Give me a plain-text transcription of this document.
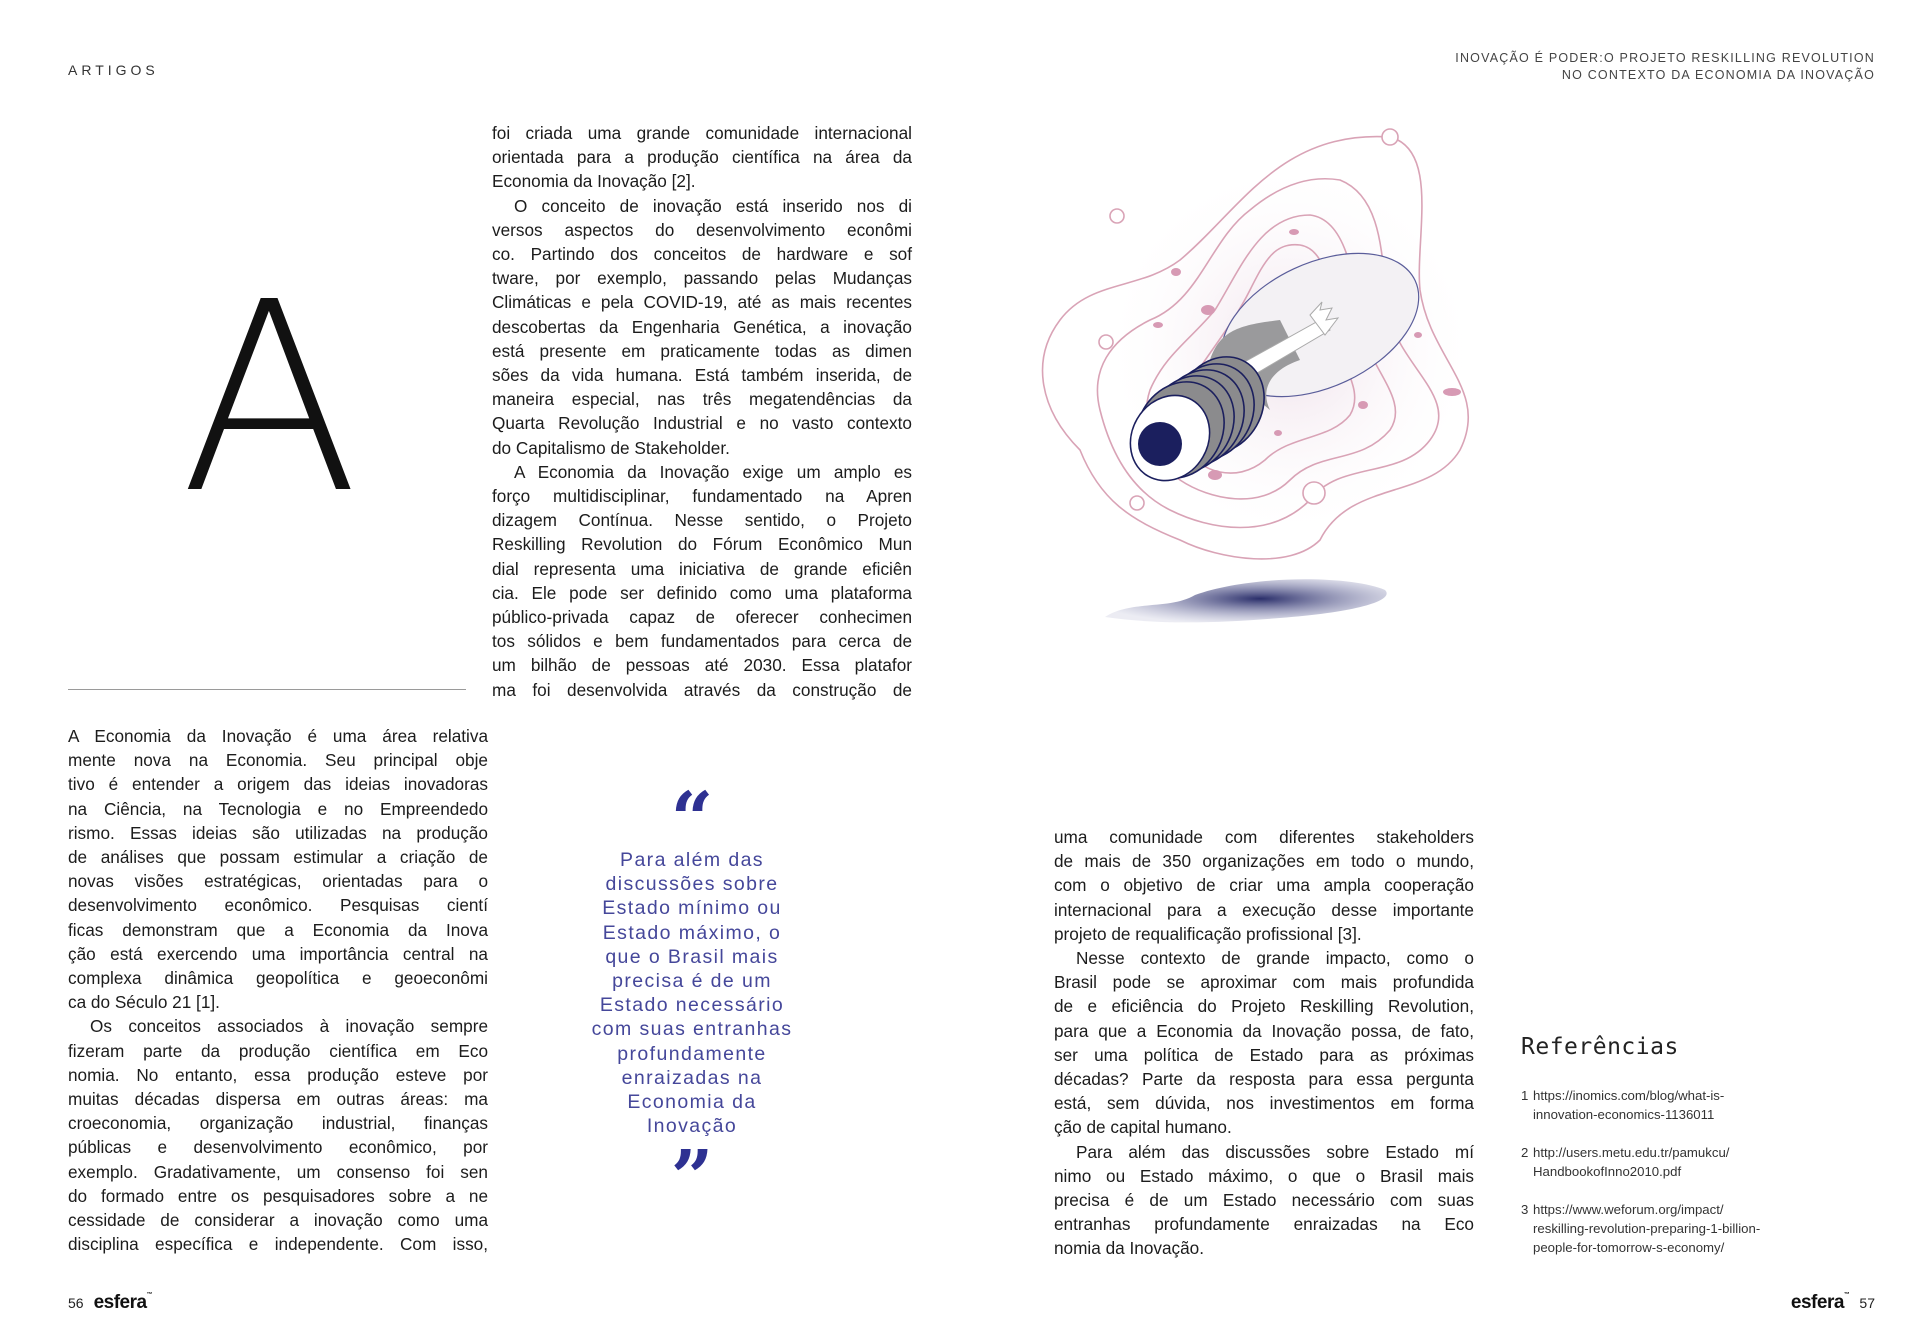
ARTIGOS
INOVAÇÃO É PODER:O PROJETO RESKILLING REVOLUTION
NO CONTEXTO DA ECONOMIA DA INOVAÇÃO
A
A Economia da Inovação é uma área relativa
mente nova na Economia. Seu principal obje
tivo é entender a origem das ideias inovadoras
na Ciência, na Tecnologia e no Empreendedo
rismo. Essas ideias são utilizadas na produção
de análises que possam estimular a criação de
novas visões estratégicas, orientadas para o
desenvolvimento econômico. Pesquisas cientí
ficas demonstram que a Economia da Inova
ção está exercendo uma importância central na
complexa dinâmica geopolítica e geoeconômi
ca do Século 21 [1].
Os conceitos associados à inovação sempre
fizeram parte da produção científica em Eco
nomia. No entanto, essa produção esteve por
muitas décadas dispersa em outras áreas: ma
croeconomia, organização industrial, finanças
públicas e desenvolvimento econômico, por
exemplo. Gradativamente, um consenso foi sen
do formado entre os pesquisadores sobre a ne
cessidade de considerar a inovação como uma
disciplina específica e independente. Com isso,
foi criada uma grande comunidade internacional
orientada para a produção científica na área da
Economia da Inovação [2].
O conceito de inovação está inserido nos di
versos aspectos do desenvolvimento econômi
co. Partindo dos conceitos de hardware e sof
tware, por exemplo, passando pelas Mudanças
Climáticas e pela COVID-19, até as mais recentes
descobertas da Engenharia Genética, a inovação
está presente em praticamente todas as dimen
sões da vida humana. Está também inserida, de
maneira especial, nas três megatendências da
Quarta Revolução Industrial e no vasto contexto
do Capitalismo de Stakeholder.
A Economia da Inovação exige um amplo es
forço multidisciplinar, fundamentado na Apren
dizagem Contínua. Nesse sentido, o Projeto
Reskilling Revolution do Fórum Econômico Mun
dial representa uma iniciativa de grande eficiên
cia. Ele pode ser definido como uma plataforma
público-privada capaz de oferecer conhecimen
tos sólidos e bem fundamentados para cerca de
um bilhão de pessoas até 2030. Essa platafor
ma foi desenvolvida através da construção de
uma comunidade com diferentes stakeholders
de mais de 350 organizações em todo o mundo,
com o objetivo de criar uma ampla cooperação
internacional para a execução desse importante
projeto de requalificação profissional [3].
Nesse contexto de grande impacto, como o
Brasil pode se aproximar com mais profundida
de e eficiência do Projeto Reskilling Revolution,
para que a Economia da Inovação possa, de fato,
ser uma política de Estado para as próximas
décadas? Parte da resposta para essa pergunta
está, sem dúvida, nos investimentos em forma
ção de capital humano.
Para além das discussões sobre Estado mí
nimo ou Estado máximo, o que o Brasil mais
precisa é de um Estado necessário com suas
entranhas profundamente enraizadas na Eco
nomia da Inovação.
“
Para além das
discussões sobre
Estado mínimo ou
Estado máximo, o
que o Brasil mais
precisa é de um
Estado necessário
com suas entranhas
profundamente
enraizadas na
Economia da
Inovação
”
Referências
1 https://inomics.com/blog/what-is-
innovation-economics-1136011
2 http://users.metu.edu.tr/pamukcu/
HandbookofInno2010.pdf
3 https://www.weforum.org/impact/
reskilling-revolution-preparing-1-billion-
people-for-tomorrow-s-economy/
56 esfera™	esfera™ 57
